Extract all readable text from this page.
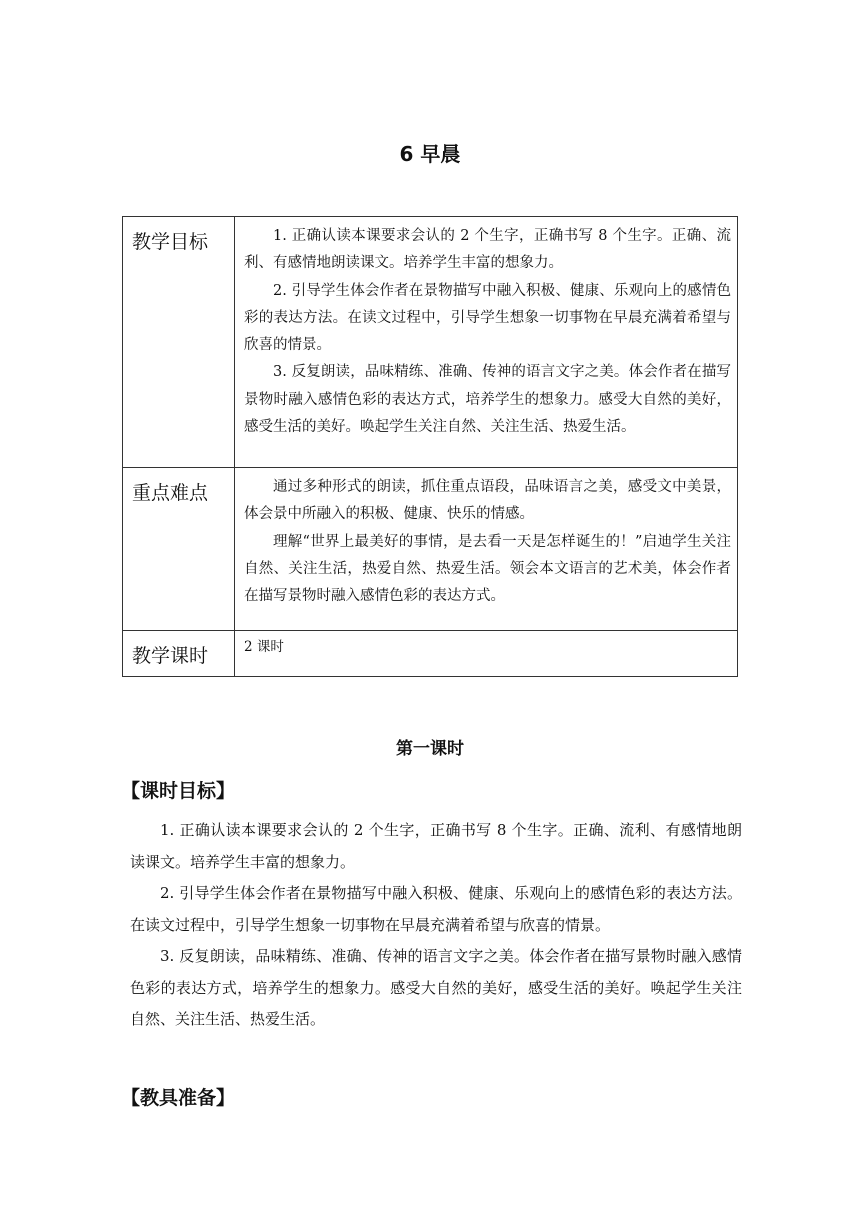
6 早晨
教学目标	1. 正确认读本课要求会认的 2 个生字，正确书写 8 个生字。正确、流利、有感情地朗读课文。培养学生丰富的想象力。

2. 引导学生体会作者在景物描写中融入积极、健康、乐观向上的感情色彩的表达方法。在读文过程中，引导学生想象一切事物在早晨充满着希望与欣喜的情景。

3. 反复朗读，品味精练、准确、传神的语言文字之美。体会作者在描写景物时融入感情色彩的表达方式，培养学生的想象力。感受大自然的美好，感受生活的美好。唤起学生关注自然、关注生活、热爱生活。

重点难点	通过多种形式的朗读，抓住重点语段，品味语言之美，感受文中美景，体会景中所融入的积极、健康、快乐的情感。

理解“世界上最美好的事情，是去看一天是怎样诞生的！”启迪学生关注自然、关注生活，热爱自然、热爱生活。领会本文语言的艺术美，体会作者在描写景物时融入感情色彩的表达方式。

教学课时	2 课时

第一课时
【课时目标】

1. 正确认读本课要求会认的 2 个生字，正确书写 8 个生字。正确、流利、有感情地朗读课文。培养学生丰富的想象力。

2. 引导学生体会作者在景物描写中融入积极、健康、乐观向上的感情色彩的表达方法。在读文过程中，引导学生想象一切事物在早晨充满着希望与欣喜的情景。

3. 反复朗读，品味精练、准确、传神的语言文字之美。体会作者在描写景物时融入感情色彩的表达方式，培养学生的想象力。感受大自然的美好，感受生活的美好。唤起学生关注自然、关注生活、热爱生活。

【教具准备】
